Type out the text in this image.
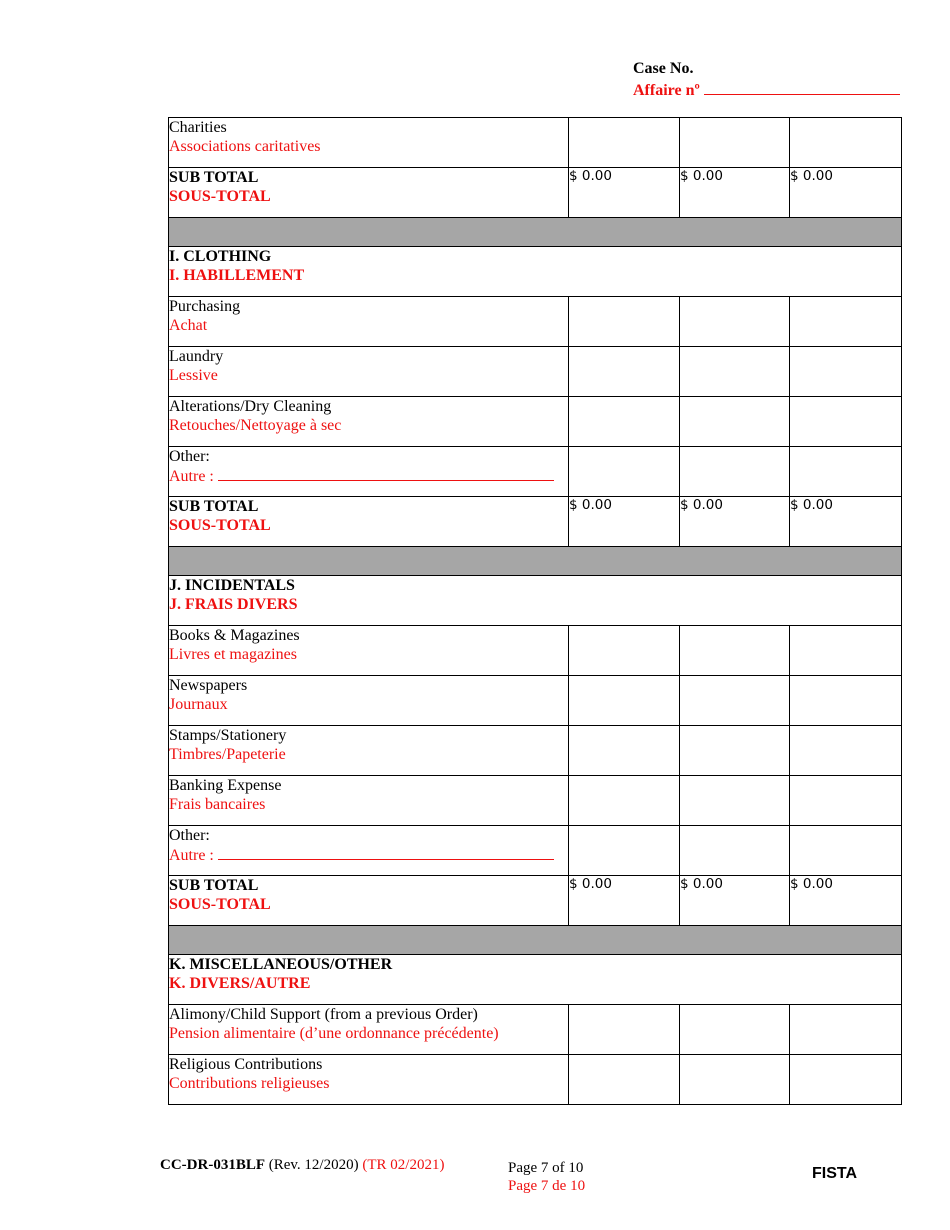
Case No.
Affaire nº
Charities
Associations caritatives			

SUB TOTAL
SOUS-TOTAL	$ 0.00	$ 0.00	$ 0.00

I. CLOTHING
I. HABILLEMENT			

Purchasing
Achat			

Laundry
Lessive			

Alterations/Dry Cleaning
Retouches/Nettoyage à sec			

Other:
Autre :			

SUB TOTAL
SOUS-TOTAL	$ 0.00	$ 0.00	$ 0.00

J. INCIDENTALS
J. FRAIS DIVERS			

Books & Magazines
Livres et magazines			

Newspapers
Journaux			

Stamps/Stationery
Timbres/Papeterie			

Banking Expense
Frais bancaires			

Other:
Autre :			

SUB TOTAL
SOUS-TOTAL	$ 0.00	$ 0.00	$ 0.00

K. MISCELLANEOUS/OTHER
K. DIVERS/AUTRE			

Alimony/Child Support (from a previous Order)
Pension alimentaire (d’une ordonnance précédente)			

Religious Contributions
Contributions religieuses			

CC-DR-031BLF (Rev. 12/2020) (TR 02/2021)	Page 7 of 10
Page 7 de 10
FISTA
